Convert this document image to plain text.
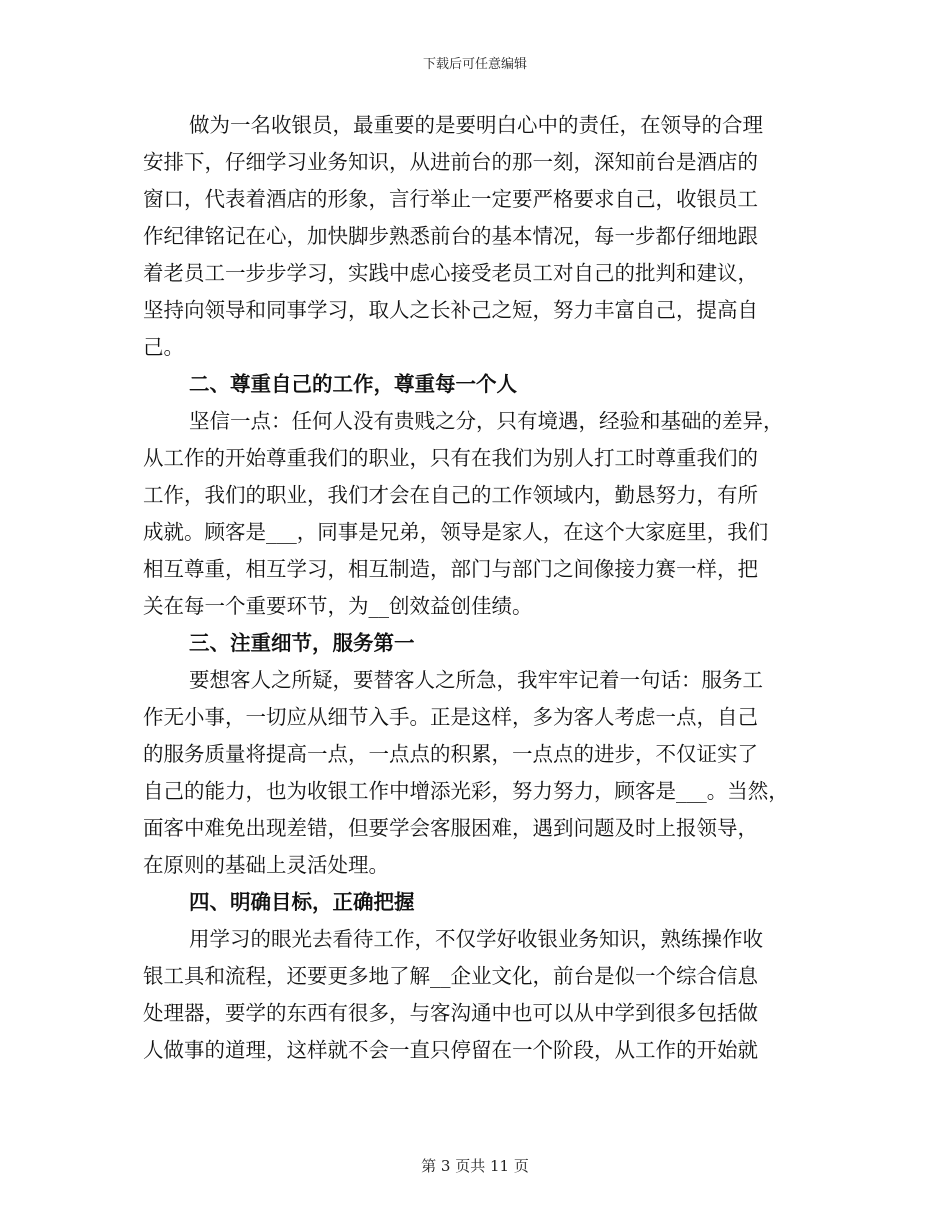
下载后可任意编辑
做为一名收银员，最重要的是要明白心中的责任，在领导的合理
安排下，仔细学习业务知识，从进前台的那一刻，深知前台是酒店的
窗口，代表着酒店的形象，言行举止一定要严格要求自己，收银员工
作纪律铭记在心，加快脚步熟悉前台的基本情况，每一步都仔细地跟
着老员工一步步学习，实践中虑心接受老员工对自己的批判和建议，
坚持向领导和同事学习，取人之长补己之短，努力丰富自己，提高自
己。
二、尊重自己的工作，尊重每一个人
坚信一点：任何人没有贵贱之分，只有境遇，经验和基础的差异，
从工作的开始尊重我们的职业，只有在我们为别人打工时尊重我们的
工作，我们的职业，我们才会在自己的工作领域内，勤恳努力，有所
成就。顾客是___，同事是兄弟，领导是家人，在这个大家庭里，我们
相互尊重，相互学习，相互制造，部门与部门之间像接力赛一样，把
关在每一个重要环节，为__创效益创佳绩。
三、注重细节，服务第一
要想客人之所疑，要替客人之所急，我牢牢记着一句话：服务工
作无小事，一切应从细节入手。正是这样，多为客人考虑一点，自己
的服务质量将提高一点，一点点的积累，一点点的进步，不仅证实了
自己的能力，也为收银工作中增添光彩，努力努力，顾客是___。当然，
面客中难免出现差错，但要学会客服困难，遇到问题及时上报领导，
在原则的基础上灵活处理。
四、明确目标，正确把握
用学习的眼光去看待工作，不仅学好收银业务知识，熟练操作收
银工具和流程，还要更多地了解__企业文化，前台是似一个综合信息
处理器，要学的东西有很多，与客沟通中也可以从中学到很多包括做
人做事的道理，这样就不会一直只停留在一个阶段，从工作的开始就
第 3 页共 11 页
